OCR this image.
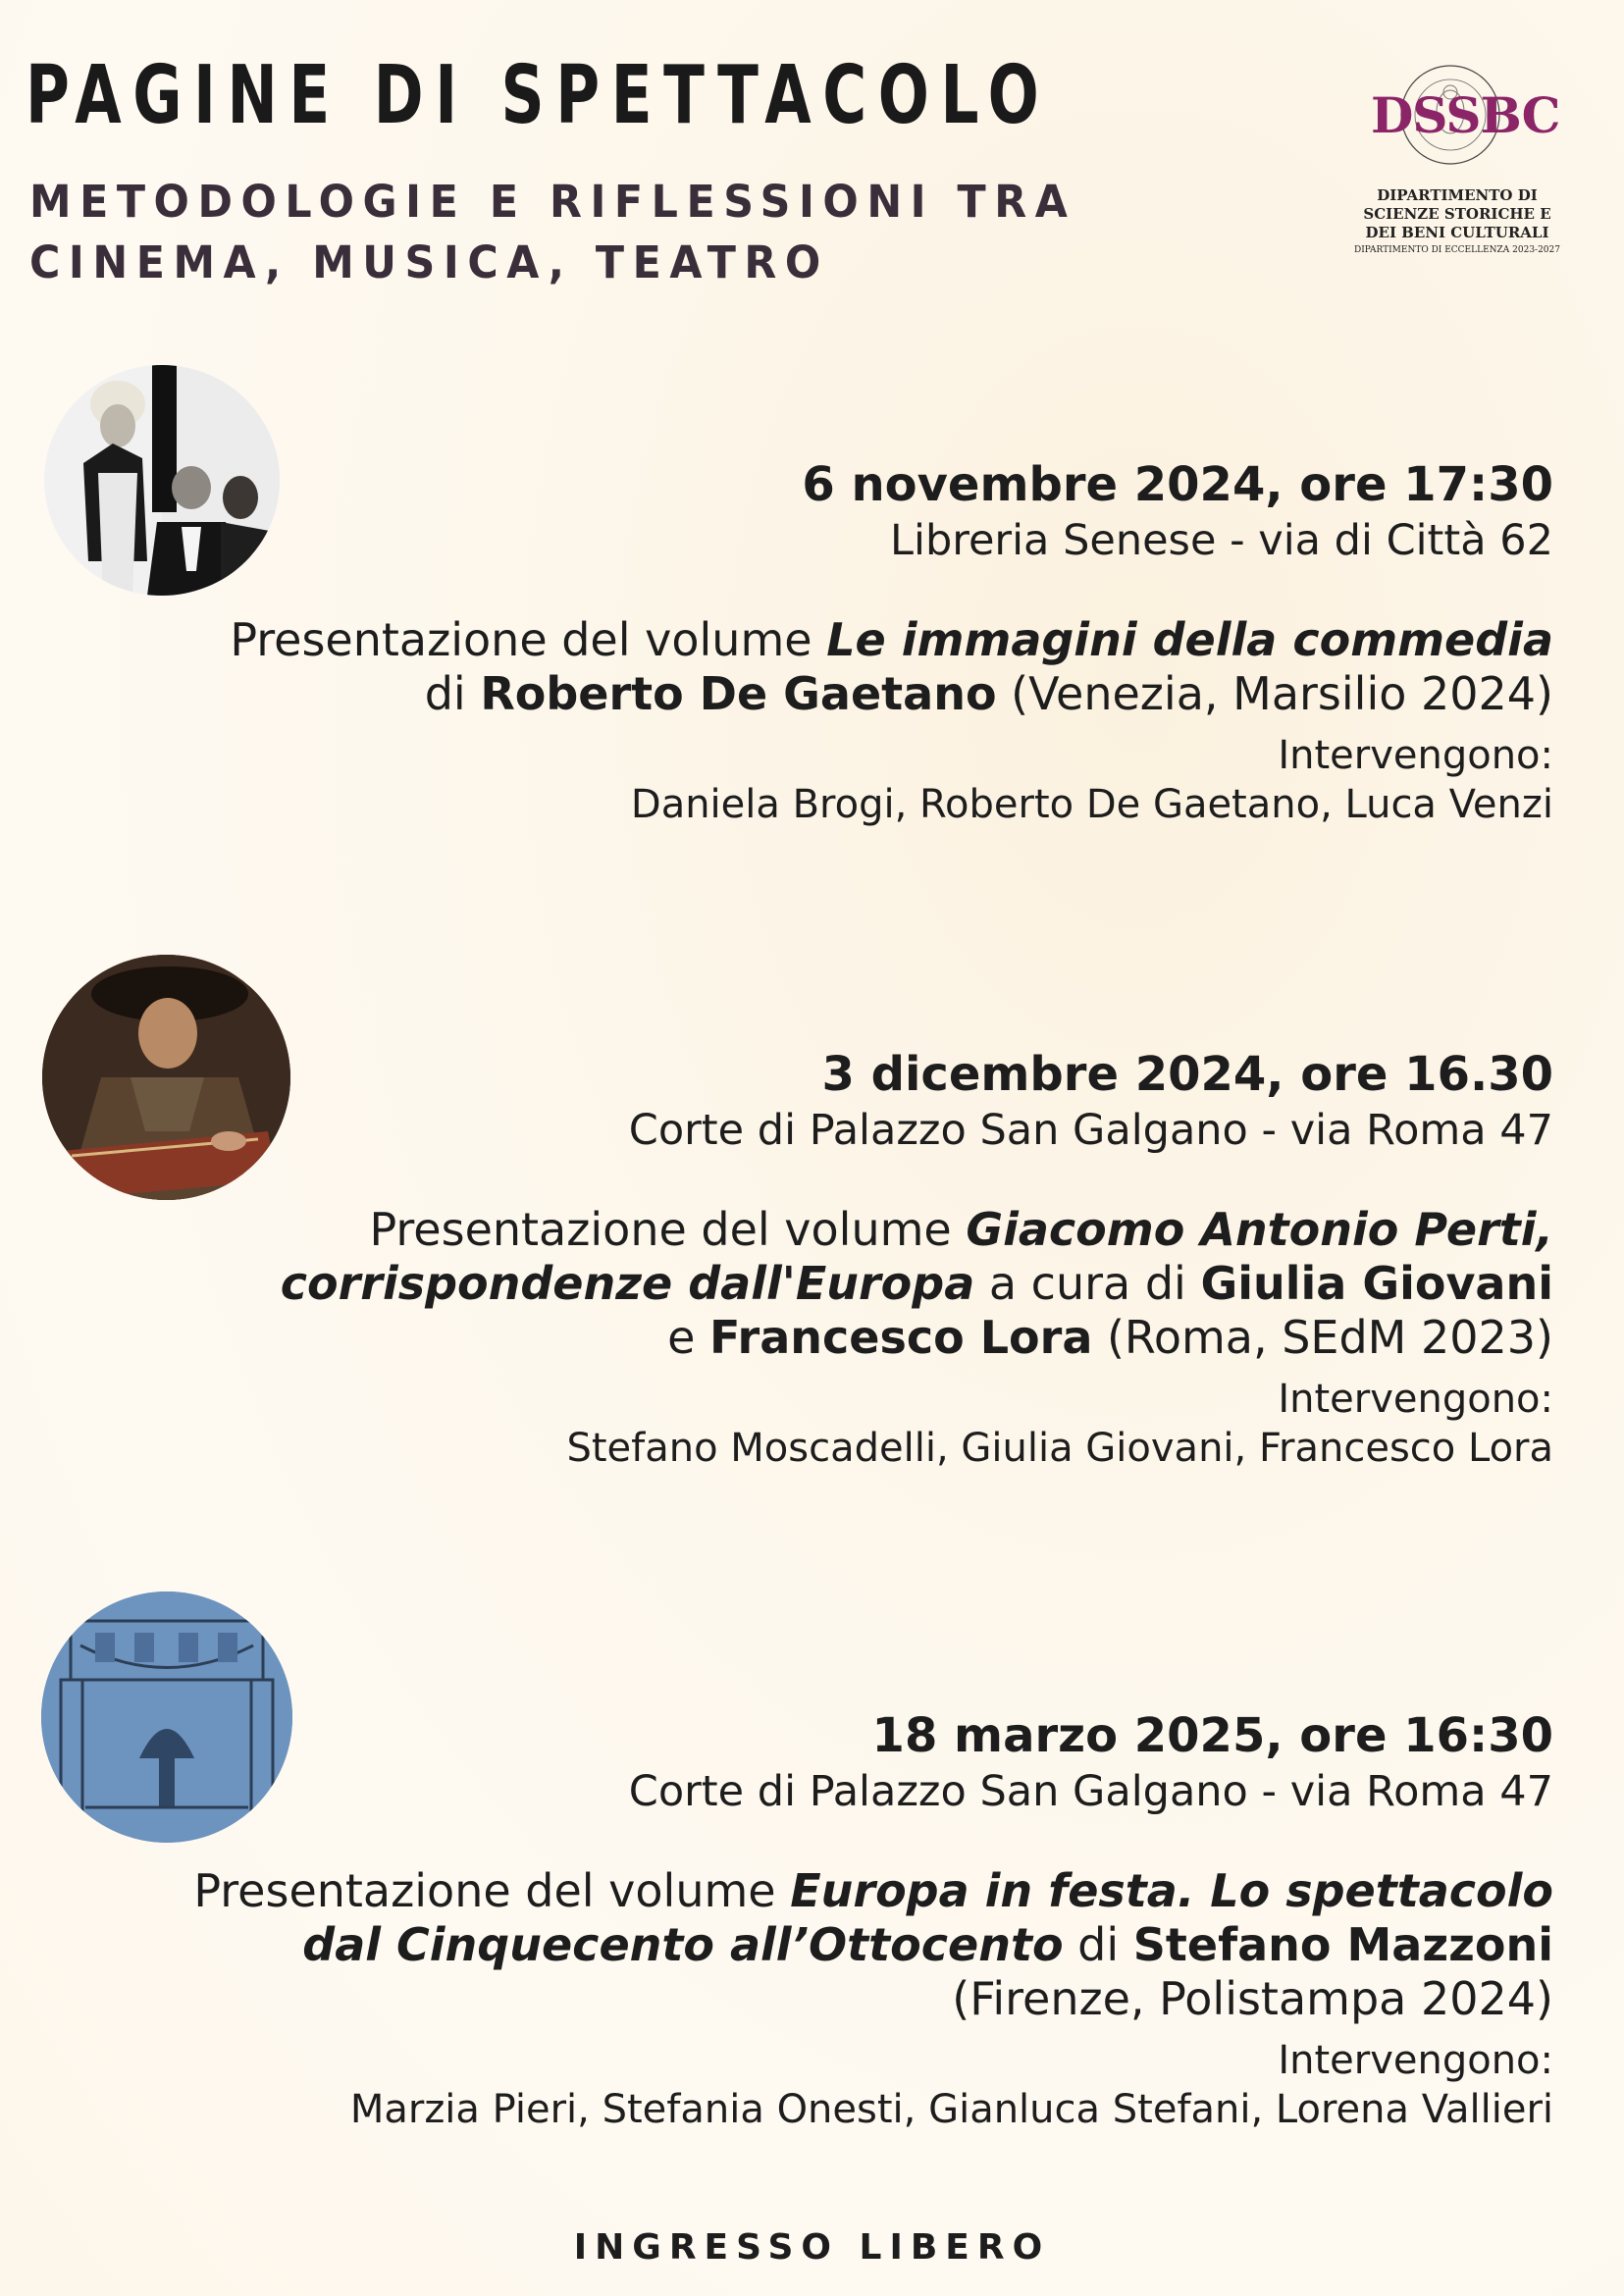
PAGINE DI SPETTACOLO
METODOLOGIE E RIFLESSIONI TRA
CINEMA, MUSICA, TEATRO
DSSBC
DIPARTIMENTO DI
SCIENZE STORICHE E
DEI BENI CULTURALI
DIPARTIMENTO DI ECCELLENZA 2023-2027
6 novembre 2024, ore 17:30
Libreria Senese - via di Città 62
Presentazione del volume Le immagini della commedia
di Roberto De Gaetano (Venezia, Marsilio 2024)
Intervengono:
Daniela Brogi, Roberto De Gaetano, Luca Venzi
3 dicembre 2024, ore 16.30
Corte di Palazzo San Galgano - via Roma 47
Presentazione del volume Giacomo Antonio Perti,
corrispondenze dall'Europa a cura di Giulia Giovani
e Francesco Lora (Roma, SEdM 2023)
Intervengono:
Stefano Moscadelli, Giulia Giovani, Francesco Lora
18 marzo 2025, ore 16:30
Corte di Palazzo San Galgano - via Roma 47
Presentazione del volume Europa in festa. Lo spettacolo
dal Cinquecento all’Ottocento di Stefano Mazzoni
(Firenze, Polistampa 2024)
Intervengono:
Marzia Pieri, Stefania Onesti, Gianluca Stefani, Lorena Vallieri
INGRESSO LIBERO
